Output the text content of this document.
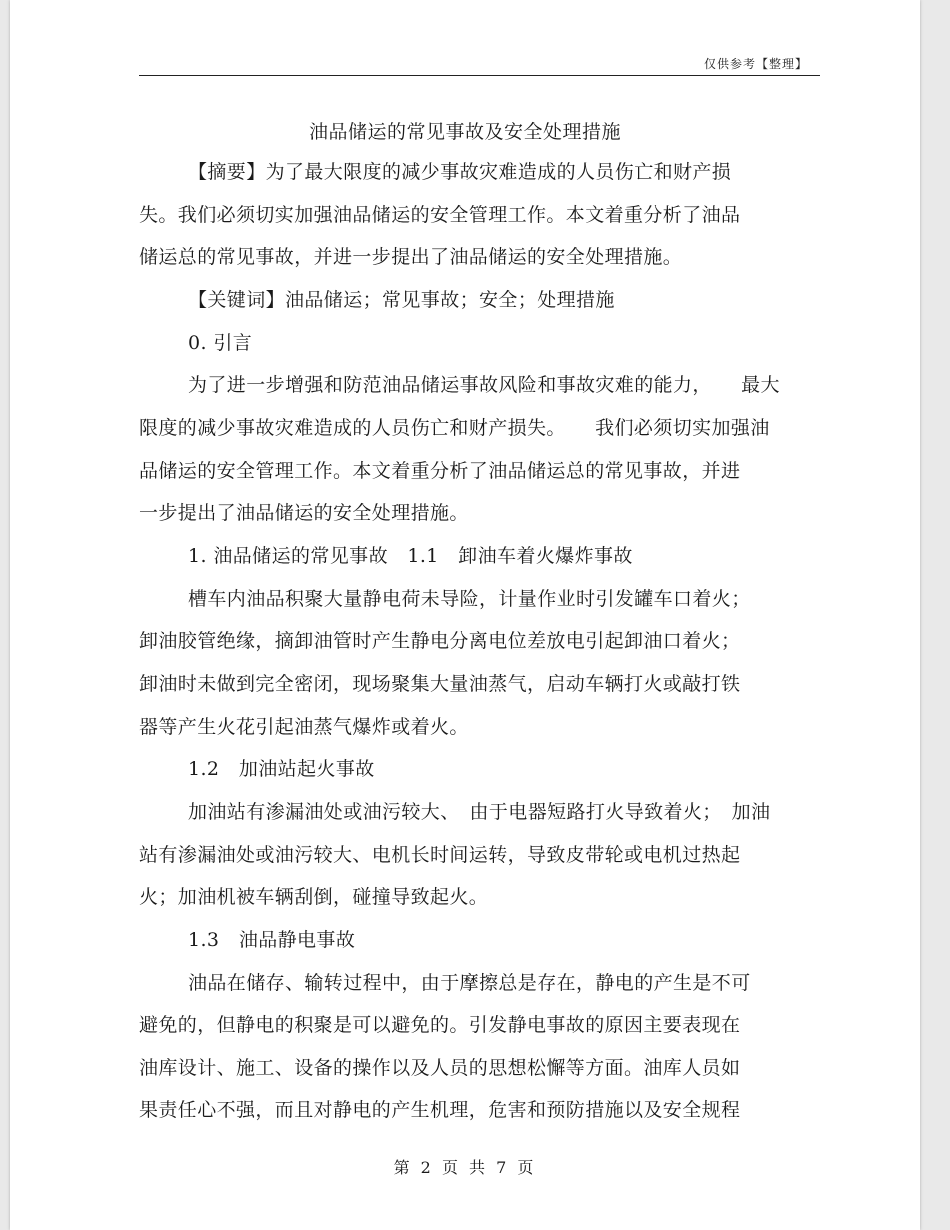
仅供参考【整理】
油品储运的常见事故及安全处理措施
【摘要】为了最大限度的减少事故灾难造成的人员伤亡和财产损
失。我们必须切实加强油品储运的安全管理工作。本文着重分析了油品
储运总的常见事故，并进一步提出了油品储运的安全处理措施。
【关键词】油品储运；常见事故；安全；处理措施
0. 引言
为了进一步增强和防范油品储运事故风险和事故灾难的能力，　　最大
限度的减少事故灾难造成的人员伤亡和财产损失。　　我们必须切实加强油
品储运的安全管理工作。本文着重分析了油品储运总的常见事故，并进
一步提出了油品储运的安全处理措施。
1. 油品储运的常见事故　1.1　卸油车着火爆炸事故
槽车内油品积聚大量静电荷未导险，计量作业时引发罐车口着火；
卸油胶管绝缘，摘卸油管时产生静电分离电位差放电引起卸油口着火；
卸油时未做到完全密闭，现场聚集大量油蒸气，启动车辆打火或敲打铁
器等产生火花引起油蒸气爆炸或着火。
1.2　加油站起火事故
加油站有渗漏油处或油污较大、　由于电器短路打火导致着火；　加油
站有渗漏油处或油污较大、电机长时间运转，导致皮带轮或电机过热起
火；加油机被车辆刮倒，碰撞导致起火。
1.3　油品静电事故
油品在储存、输转过程中，由于摩擦总是存在，静电的产生是不可
避免的，但静电的积聚是可以避免的。引发静电事故的原因主要表现在
油库设计、施工、设备的操作以及人员的思想松懈等方面。油库人员如
果责任心不强，而且对静电的产生机理，危害和预防措施以及安全规程
第 2 页 共 7 页
